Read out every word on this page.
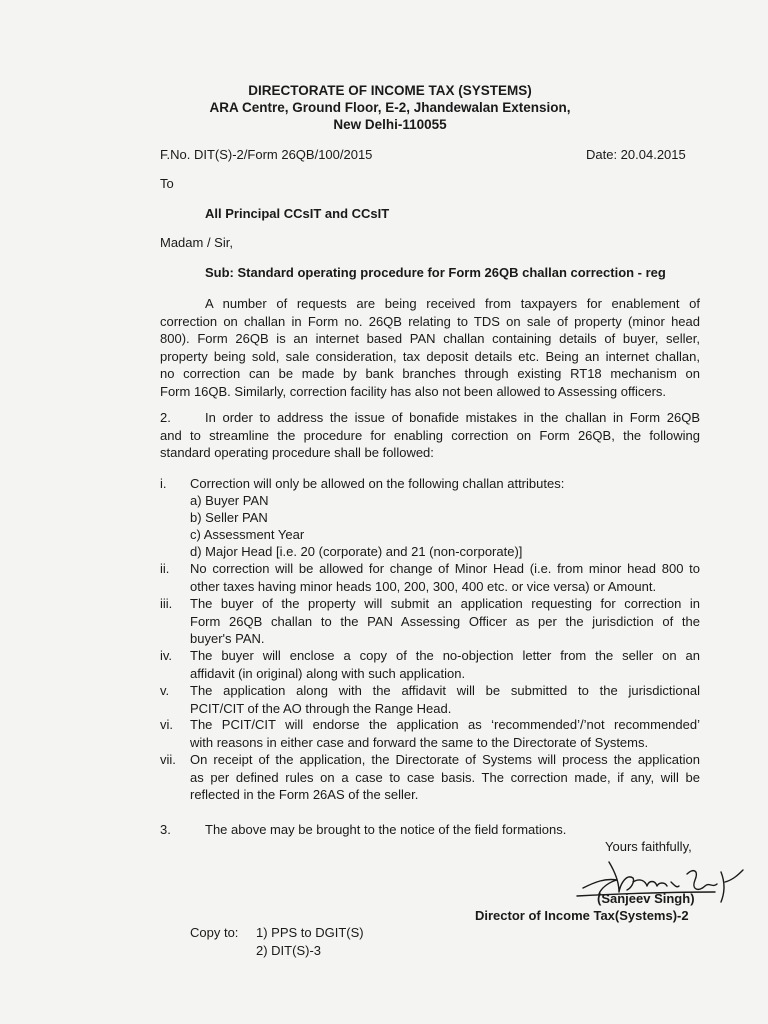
DIRECTORATE OF INCOME TAX (SYSTEMS)
ARA Centre, Ground Floor, E-2, Jhandewalan Extension,
New Delhi-110055
F.No. DIT(S)-2/Form 26QB/100/2015	Date: 20.04.2015
To
All Principal CCsIT and CCsIT
Madam / Sir,
Sub: Standard operating procedure for Form 26QB challan correction - reg
A number of requests are being received from taxpayers for enablement of
correction on challan in Form no. 26QB relating to TDS on sale of property (minor head
800). Form 26QB is an internet based PAN challan containing details of buyer, seller,
property being sold, sale consideration, tax deposit details etc. Being an internet challan,
no correction can be made by bank branches through existing RT18 mechanism on
Form 16QB. Similarly, correction facility has also not been allowed to Assessing officers.
2.	In order to address the issue of bonafide mistakes in the challan in Form 26QB
and to streamline the procedure for enabling correction on Form 26QB, the following
standard operating procedure shall be followed:
i. Correction will only be allowed on the following challan attributes:
a) Buyer PAN
b) Seller PAN
c) Assessment Year
d) Major Head [i.e. 20 (corporate) and 21 (non-corporate)]
ii. No correction will be allowed for change of Minor Head (i.e. from minor head 800 to
other taxes having minor heads 100, 200, 300, 400 etc. or vice versa) or Amount.
iii. The buyer of the property will submit an application requesting for correction in
Form 26QB challan to the PAN Assessing Officer as per the jurisdiction of the
buyer's PAN.
iv. The buyer will enclose a copy of the no-objection letter from the seller on an
affidavit (in original) along with such application.
v. The application along with the affidavit will be submitted to the jurisdictional
PCIT/CIT of the AO through the Range Head.
vi. The PCIT/CIT will endorse the application as ‘recommended’/’not recommended’
with reasons in either case and forward the same to the Directorate of Systems.
vii. On receipt of the application, the Directorate of Systems will process the application
as per defined rules on a case to case basis. The correction made, if any, will be
reflected in the Form 26AS of the seller.
3.	The above may be brought to the notice of the field formations.
Yours faithfully,
(Sanjeev Singh)
Director of Income Tax(Systems)-2
Copy to: 1) PPS to DGIT(S)
2) DIT(S)-3
